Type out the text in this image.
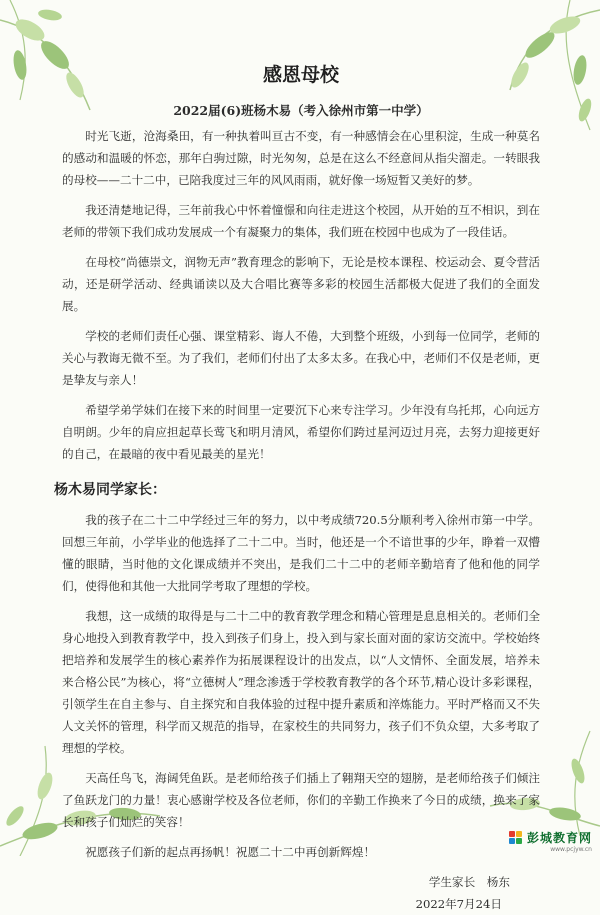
感恩母校
2022届(6)班杨木易（考入徐州市第一中学）

时光飞逝，沧海桑田，有一种执着叫亘古不变，有一种感情会在心里积淀，生成一种莫名的感动和温暖的怀恋，那年白驹过隙，时光匆匆，总是在这么不经意间从指尖溜走。一转眼我的母校——二十二中，已陪我度过三年的风风雨雨，就好像一场短暂又美好的梦。

我还清楚地记得，三年前我心中怀着憧憬和向往走进这个校园，从开始的互不相识，到在老师的带领下我们成功发展成一个有凝聚力的集体，我们班在校园中也成为了一段佳话。

在母校“尚德崇文，润物无声”教育理念的影响下，无论是校本课程、校运动会、夏令营活动，还是研学活动、经典诵读以及大合唱比赛等多彩的校园生活都极大促进了我们的全面发展。

学校的老师们责任心强、课堂精彩、诲人不倦，大到整个班级，小到每一位同学，老师的关心与教诲无微不至。为了我们，老师们付出了太多太多。在我心中，老师们不仅是老师，更是挚友与亲人！

希望学弟学妹们在接下来的时间里一定要沉下心来专注学习。少年没有乌托邦，心向远方自明朗。少年的肩应担起草长莺飞和明月清风，希望你们跨过星河迈过月亮，去努力迎接更好的自己，在最暗的夜中看见最美的星光！

杨木易同学家长：

我的孩子在二十二中学经过三年的努力，以中考成绩720.5分顺利考入徐州市第一中学。回想三年前，小学毕业的他选择了二十二中。当时，他还是一个不谙世事的少年，睁着一双懵懂的眼睛，当时他的文化课成绩并不突出，是我们二十二中的老师辛勤培育了他和他的同学们，使得他和其他一大批同学考取了理想的学校。

我想，这一成绩的取得是与二十二中的教育教学理念和精心管理是息息相关的。老师们全身心地投入到教育教学中，投入到孩子们身上，投入到与家长面对面的家访交流中。学校始终把培养和发展学生的核心素养作为拓展课程设计的出发点，以“人文情怀、全面发展，培养未来合格公民”为核心，将“立德树人”理念渗透于学校教育教学的各个环节,精心设计多彩课程，引领学生在自主参与、自主探究和自我体验的过程中提升素质和淬炼能力。平时严格而又不失人文关怀的管理，科学而又规范的指导，在家校生的共同努力，孩子们不负众望，大多考取了理想的学校。

天高任鸟飞，海阔凭鱼跃。是老师给孩子们插上了翱翔天空的翅膀，是老师给孩子们倾注了鱼跃龙门的力量！衷心感谢学校及各位老师，你们的辛勤工作换来了今日的成绩，换来了家长和孩子们灿烂的笑容！

祝愿孩子们新的起点再扬帆！祝愿二十二中再创新辉煌！

学生家长　杨东
2022年7月24日
彭城教育网
www.pcjyw.cn
